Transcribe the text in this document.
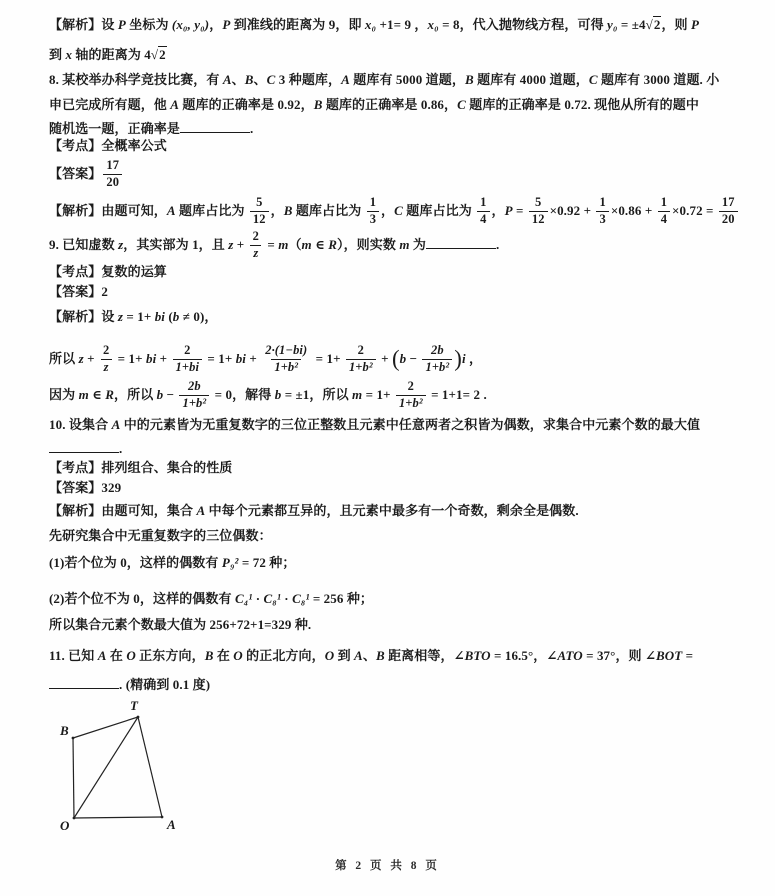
【解析】设 P 坐标为 (x₀, y₀)，P 到准线的距离为 9，即 x₀ +1= 9 ，x₀ = 8，代入抛物线方程，可得 y₀ = ±4√2，则 P
到 x 轴的距离为 4√2
8. 某校举办科学竞技比赛，有 A、B、C 3 种题库，A 题库有 5000 道题，B 题库有 4000 道题，C 题库有 3000 道题. 小
申已完成所有题，他 A 题库的正确率是 0.92，B 题库的正确率是 0.86，C 题库的正确率是 0.72. 现他从所有的题中
随机选一题，正确率是	.
【考点】全概率公式
【答案】 $\frac{17}{20}$
【解析】由题可知，A 题库占比为 $\frac{5}{12}$ ，B 题库占比为 $\frac{1}{3}$ ，C 题库占比为 $\frac{1}{4}$ ，$P = \frac{5}{12} \times 0.92 + \frac{1}{3} \times 0.86 + \frac{1}{4} \times 0.72 = \frac{17}{20}$
9. 已知虚数 z，其实部为 1，且 $z + \frac{2}{z} = m(m$ ∈ R），则实数 m 为	.
【考点】复数的运算
【答案】2
【解析】设 z = 1+ bi (b ≠ 0)，
所以 $z + \frac{2}{z} = 1+$ bi + $\frac{2}{1+bi} = 1+$ bi + $\frac{2\cdot(1-bi)}{\text{1+b²}} = 1+ \frac{2}{\text{1+b²}} + (b - \frac{2b}{\text{1+b²}} )i$ ，
因为 m ∈ R，所以 $b - \frac{2b}{\text{1+b²}} = 0$，解得 b = ±1，所以 $m = 1+ \frac{2}{\text{1+b²}} = 1+1= 2$ .
10. 设集合 A 中的元素皆为无重复数字的三位正整数且元素中任意两者之积皆为偶数，求集合中元素个数的最大值
.
【考点】排列组合、集合的性质
【答案】329
【解析】由题可知，集合 A 中每个元素都互异的，且元素中最多有一个奇数，剩余全是偶数.
先研究集合中无重复数字的三位偶数：
(1)若个位为 0，这样的偶数有 P₉² = 72 种；
(2)若个位不为 0，这样的偶数有 C₄¹ · C₈¹ · C₈¹ = 256 种；
所以集合元素个数最大值为 256+72+1=329 种.
11. 已知 A 在 O 正东方向，B 在 O 的正北方向，O 到 A、B 距离相等，∠BTO = 16.5°，∠ATO = 37°，则 ∠BOT =
. (精确到 0.1 度)
T
B
O	A
第 2 页 共 8 页
